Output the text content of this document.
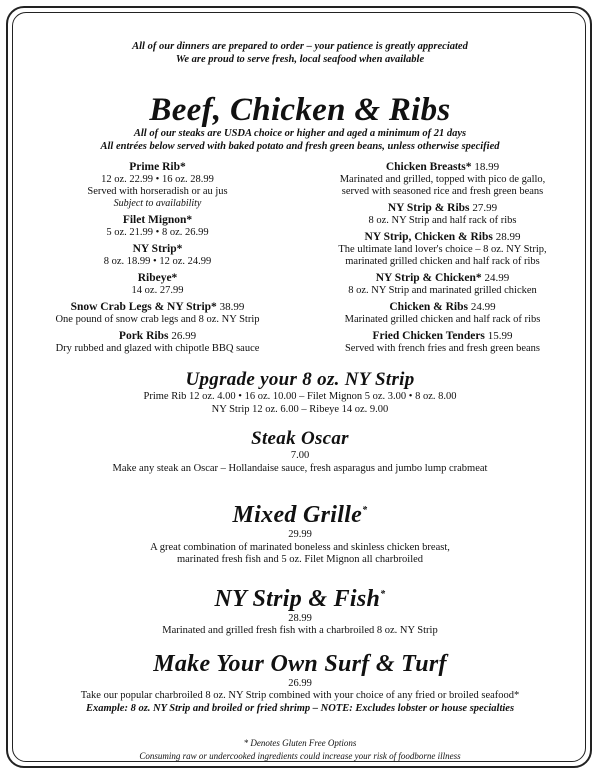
All of our dinners are prepared to order – your patience is greatly appreciated
We are proud to serve fresh, local seafood when available
Beef, Chicken & Ribs
All of our steaks are USDA choice or higher and aged a minimum of 21 days
All entrées below served with baked potato and fresh green beans, unless otherwise specified
Prime Rib*
12 oz. 22.99 • 16 oz. 28.99
Served with horseradish or au jus
Subject to availability
Filet Mignon*
5 oz. 21.99 • 8 oz. 26.99
NY Strip*
8 oz. 18.99 • 12 oz. 24.99
Ribeye*
14 oz. 27.99
Snow Crab Legs & NY Strip* 38.99
One pound of snow crab legs and 8 oz. NY Strip
Pork Ribs 26.99
Dry rubbed and glazed with chipotle BBQ sauce
Chicken Breasts* 18.99
Marinated and grilled, topped with pico de gallo,
served with seasoned rice and fresh green beans
NY Strip & Ribs 27.99
8 oz. NY Strip and half rack of ribs
NY Strip, Chicken & Ribs 28.99
The ultimate land lover's choice – 8 oz. NY Strip,
marinated grilled chicken and half rack of ribs
NY Strip & Chicken* 24.99
8 oz. NY Strip and marinated grilled chicken
Chicken & Ribs 24.99
Marinated grilled chicken and half rack of ribs
Fried Chicken Tenders 15.99
Served with french fries and fresh green beans
Upgrade your 8 oz. NY Strip
Prime Rib 12 oz. 4.00 • 16 oz. 10.00 – Filet Mignon 5 oz. 3.00 • 8 oz. 8.00
NY Strip 12 oz. 6.00 – Ribeye 14 oz. 9.00
Steak Oscar
7.00
Make any steak an Oscar – Hollandaise sauce, fresh asparagus and jumbo lump crabmeat
Mixed Grille*
29.99
A great combination of marinated boneless and skinless chicken breast,
marinated fresh fish and 5 oz. Filet Mignon all charbroiled
NY Strip & Fish*
28.99
Marinated and grilled fresh fish with a charbroiled 8 oz. NY Strip
Make Your Own Surf & Turf
26.99
Take our popular charbroiled 8 oz. NY Strip combined with your choice of any fried or broiled seafood*
Example: 8 oz. NY Strip and broiled or fried shrimp – NOTE: Excludes lobster or house specialties
* Denotes Gluten Free Options
Consuming raw or undercooked ingredients could increase your risk of foodborne illness
